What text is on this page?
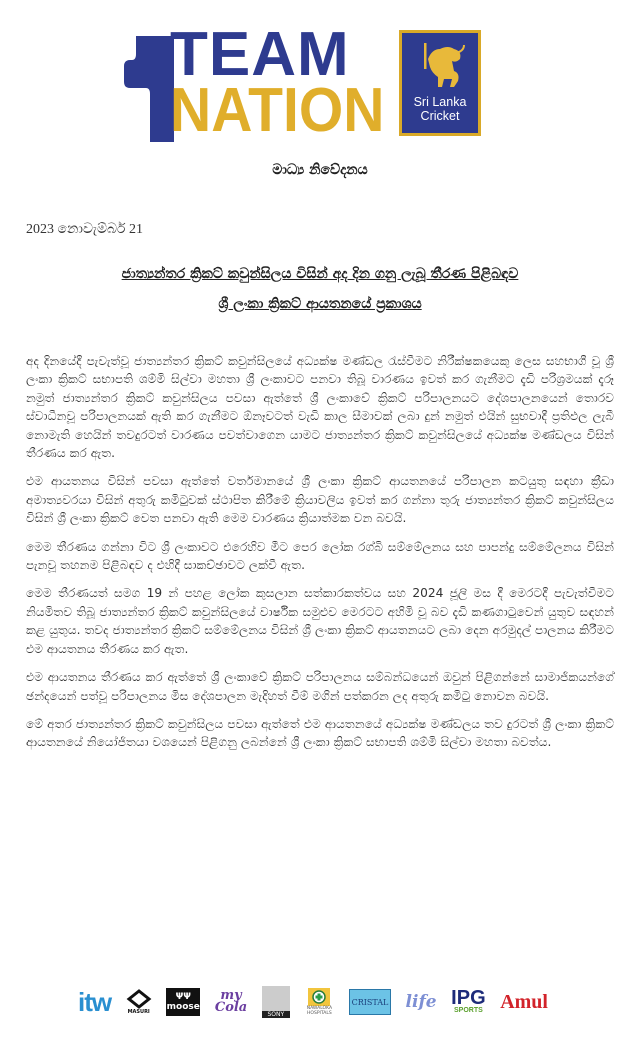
TEAM
NATION	Sri Lanka
Cricket
මාධ්‍ය නිවේදනය
2023 නොවැම්බර් 21
ජාත්‍යන්තර ක්‍රිකට් කවුන්සිලය විසින් අද දින ගනු ලැබූ තීරණ පිළිබඳව
ශ්‍රී ලංකා ක්‍රිකට් ආයතනයේ ප්‍රකාශය

අද දිනයේදී පැවැත්වූ ජාත්‍යන්තර ක්‍රිකට් කවුන්සිලයේ අධ්‍යක්ෂ මණ්ඩල රැස්වීමට නිරීක්ෂකයෙකු ලෙස සහභාගී වූ ශ්‍රී ලංකා ක්‍රිකට් සභාපති ශම්මි සිල්වා මහතා ශ්‍රී ලංකාවට පනවා තිබූ වාරණය ඉවත් කර ගැනීමට දැඩි පරිශ්‍රමයක් දැරූ නමුත් ජාත්‍යන්තර ක්‍රිකට් කවුන්සිලය පවසා ඇත්තේ ශ්‍රී ලංකාවේ ක්‍රිකට් පරිපාලනයට දේශපාලනයෙන් තොරව ස්වාධීනවූ පරිපාලනයක් ඇති කර ගැනීමට ඕනෑවටත් වැඩි කාල සීමාවක් ලබා දුන් නමුත් එයින් සුභවාදී ප්‍රතිඵල ලැබී නොමැති හෙයින් තවදුරටත් වාරණය පවත්වාගෙන යාමට ජාත්‍යන්තර ක්‍රිකට් කවුන්සිලයේ අධ්‍යක්ෂ මණ්ඩලය විසින් තීරණය කර ඇත.

එම ආයතනය විසින් පවසා ඇත්තේ වර්තමානයේ ශ්‍රී ලංකා ක්‍රිකට් ආයතනයේ පරිපාලන කටයුතු සඳහා ක්‍රීඩා අමාත්‍යවරයා විසින් අතුරු කමිටුවක් ස්ථාපිත කිරීමේ ක්‍රියාවලිය ඉවත් කර ගන්නා තුරු ජාත්‍යන්තර ක්‍රිකට් කවුන්සිලය විසින් ශ්‍රී ලංකා ක්‍රිකට් වෙත පනවා ඇති මෙම වාරණය ක්‍රියාත්මක වන බවයි.

මෙම තීරණය ගන්නා විට ශ්‍රී ලංකාවට එරෙහිව මීට පෙර ලෝක රග්බි සම්මේලනය සහ පාපන්දු සම්මේලනය විසින් පැනවූ තහනම පිළිබඳව ද එහිදී සාකච්ඡාවට ලක්වී ඇත.

මෙම තීරණයත් සමග 19 න් පහළ ලෝක කුසලාන සත්කාරකත්වය සහ 2024 ජූලි මස දී මෙරටදී පැවැත්වීමට නියමිතව තිබූ ජාත්‍යන්තර ක්‍රිකට් කවුන්සිලයේ වාර්ෂික සමුළුව මෙරටට අහිමි වූ බව දැඩි කණගාටුවෙන් යුතුව සඳහන් කළ යුතුය. තවද ජාත්‍යන්තර ක්‍රිකට් සම්මේලනය විසින් ශ්‍රී ලංකා ක්‍රිකට් ආයතනයට ලබා දෙන අරමුදල් පාලනය කිරීමට එම ආයතනය තීරණය කර ඇත.

එම ආයතනය තීරණය කර ඇත්තේ ශ්‍රී ලංකාවේ ක්‍රිකට් පරිපාලනය සම්බන්ධයෙන් ඔවුන් පිළිගන්නේ සාමාජිකයන්ගේ ඡන්දයෙන් පත්වූ පරිපාලනය මිස දේශපාලන මැදිහත් වීම් මගින් පත්කරන ලද අතුරු කමිටු නොවන බවයි.

මේ අතර ජාත්‍යන්තර ක්‍රිකට් කවුන්සිලය පවසා ඇත්තේ එම ආයතනයේ අධ්‍යක්ෂ මණ්ඩලය තව දුරටත් ශ්‍රී ලංකා ක්‍රිකට් ආයතනයේ නියෝජිතයා වශයෙන් පිළිගනු ලබන්නේ ශ්‍රී ලංකා ක්‍රිකට් සභාපති ශම්මි සිල්වා මහතා බවත්ය.

itw	MASURI
ΨΨ
moose
my
Cola	SONY
NAWALOKA
HOSPITALS
CRISTAL life IPG
SPORTS Amul
